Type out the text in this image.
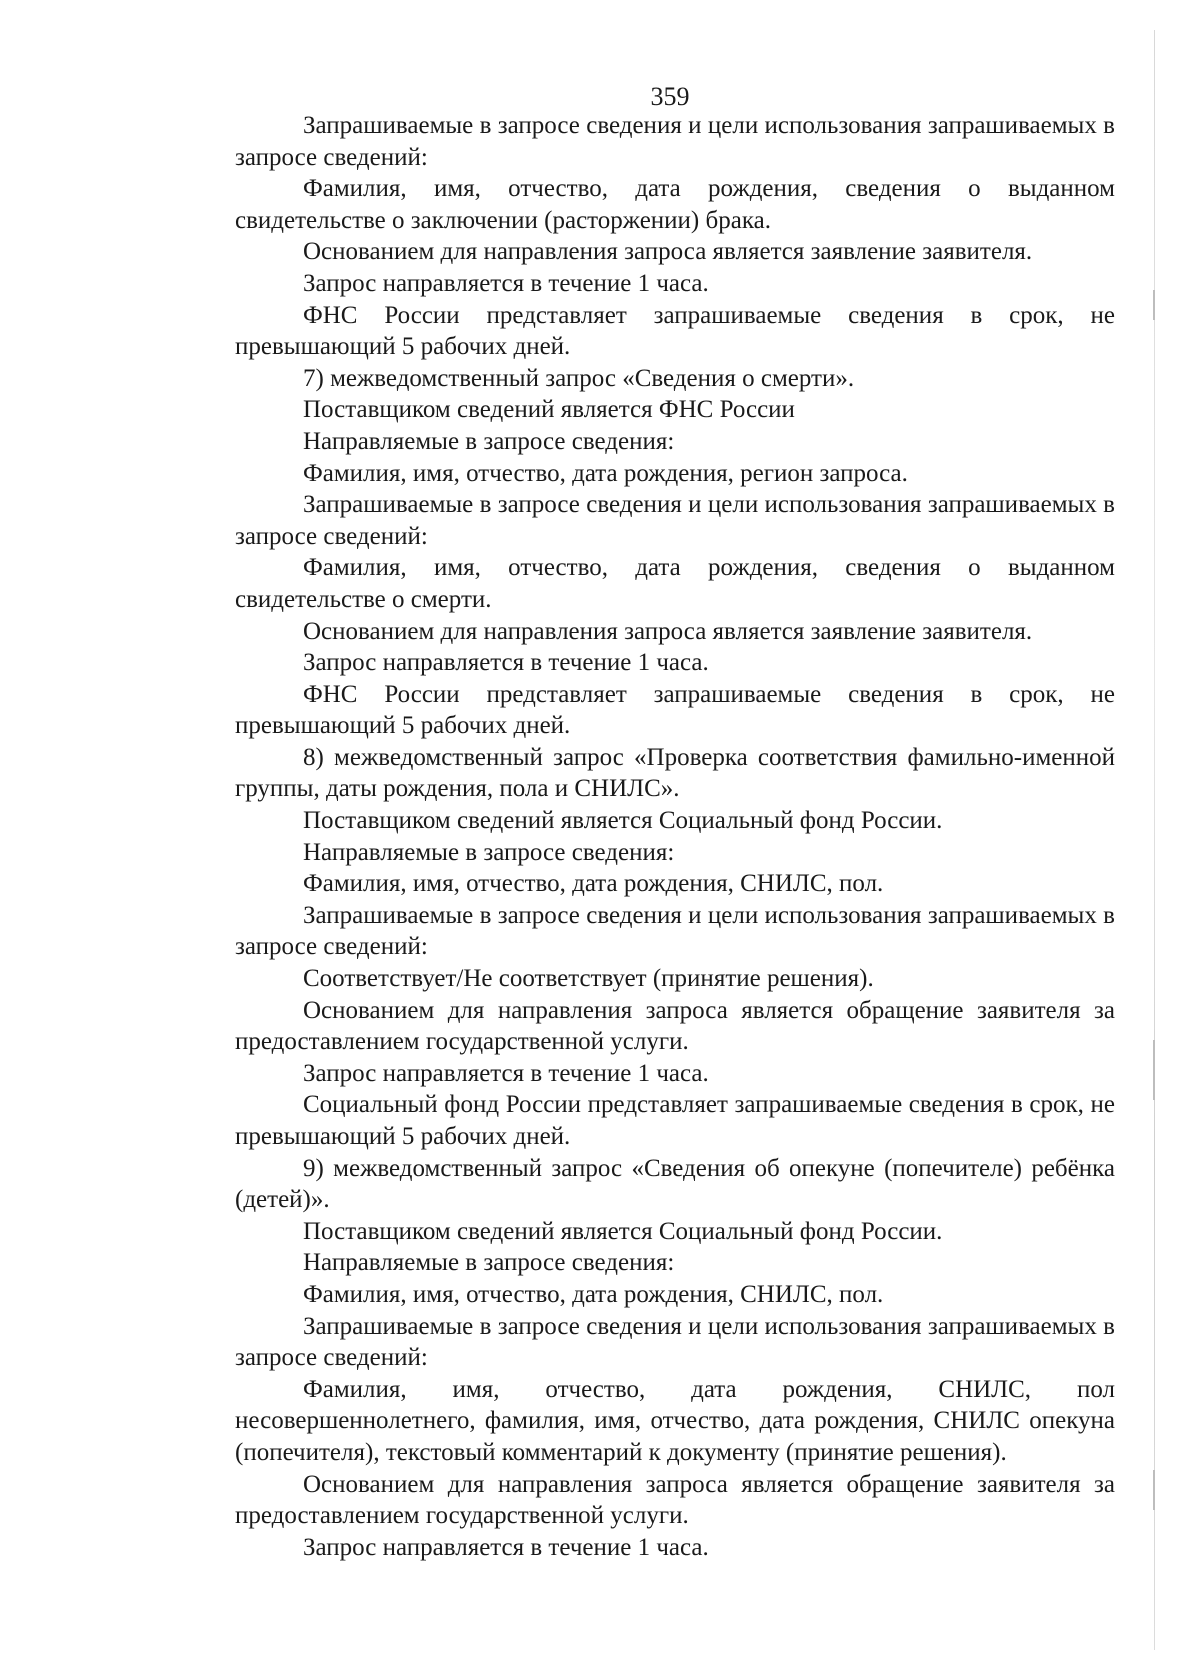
359

Запрашиваемые в запросе сведения и цели использования запрашиваемых в запросе сведений:

Фамилия, имя, отчество, дата рождения, сведения о выданном свидетельстве о заключении (расторжении) брака.

Основанием для направления запроса является заявление заявителя.

Запрос направляется в течение 1 часа.

ФНС России представляет запрашиваемые сведения в срок, не превышающий 5 рабочих дней.

7) межведомственный запрос «Сведения о смерти».

Поставщиком сведений является ФНС России

Направляемые в запросе сведения:

Фамилия, имя, отчество, дата рождения, регион запроса.

Запрашиваемые в запросе сведения и цели использования запрашиваемых в запросе сведений:

Фамилия, имя, отчество, дата рождения, сведения о выданном свидетельстве о смерти.

Основанием для направления запроса является заявление заявителя.

Запрос направляется в течение 1 часа.

ФНС России представляет запрашиваемые сведения в срок, не превышающий 5 рабочих дней.

8) межведомственный запрос «Проверка соответствия фамильно-именной группы, даты рождения, пола и СНИЛС».

Поставщиком сведений является Социальный фонд России.

Направляемые в запросе сведения:

Фамилия, имя, отчество, дата рождения, СНИЛС, пол.

Запрашиваемые в запросе сведения и цели использования запрашиваемых в запросе сведений:

Соответствует/Не соответствует (принятие решения).

Основанием для направления запроса является обращение заявителя за предоставлением государственной услуги.

Запрос направляется в течение 1 часа.

Социальный фонд России представляет запрашиваемые сведения в срок, не превышающий 5 рабочих дней.

9) межведомственный запрос «Сведения об опекуне (попечителе) ребёнка (детей)».

Поставщиком сведений является Социальный фонд России.

Направляемые в запросе сведения:

Фамилия, имя, отчество, дата рождения, СНИЛС, пол.

Запрашиваемые в запросе сведения и цели использования запрашиваемых в запросе сведений:

Фамилия, имя, отчество, дата рождения, СНИЛС, пол несовершеннолетнего, фамилия, имя, отчество, дата рождения, СНИЛС опекуна (попечителя), текстовый комментарий к документу (принятие решения).

Основанием для направления запроса является обращение заявителя за предоставлением государственной услуги.

Запрос направляется в течение 1 часа.
